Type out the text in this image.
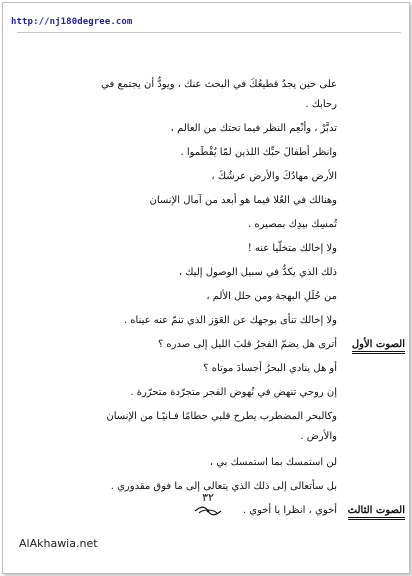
http://nj180degree.com
على حين يجدُ قطيعُكَ في البحث عنك ، ويودُّ أن يجتمع في
رحابك .
تدبَّرْ ، وأنْعِم النظر فيما تحتك من العالم ،
وانظر أطفالَ حبِّك اللذين لمّا يُفْطَموا .
الأرض مهادُكَ والأرض عرشُكَ ،
وهنالك في العُلا فيما هو أبعد من آمال الإنسان
تُمسِك بيدِك بمصيره .
ولا إخالك متخلّيا عنه !
ذلك الذي يكدُّ في سبيل الوصول إليك ،
من حُلَلِ البهجة ومن حلل الألم ،
ولا إخالك تنأى بوجهك عن العَوَز الذي تنمّ عنه عيناه .
الصوت الأول
أترى هل يضمّ الفجرُ قلبَ الليل إلى صدره ؟
أو هل ينادي البحرُ أجسادَ موتاه ؟
إن روحي تنهض في نُهوض الفجر متجرّدة متحرّرة .
وكالبحر المضطرب يطرح قلبي حطامًا فـانيًـا من الإنسان
والأرض .
لن استمسك بما استمسك بي ،
بل سأتعالى إلى ذلك الذي يتعالى إلى ما فوق مقدوري .
الصوت الثالث
أخوي ، انظرا يا أخوي .
٣٢
AlAkhawia.net
